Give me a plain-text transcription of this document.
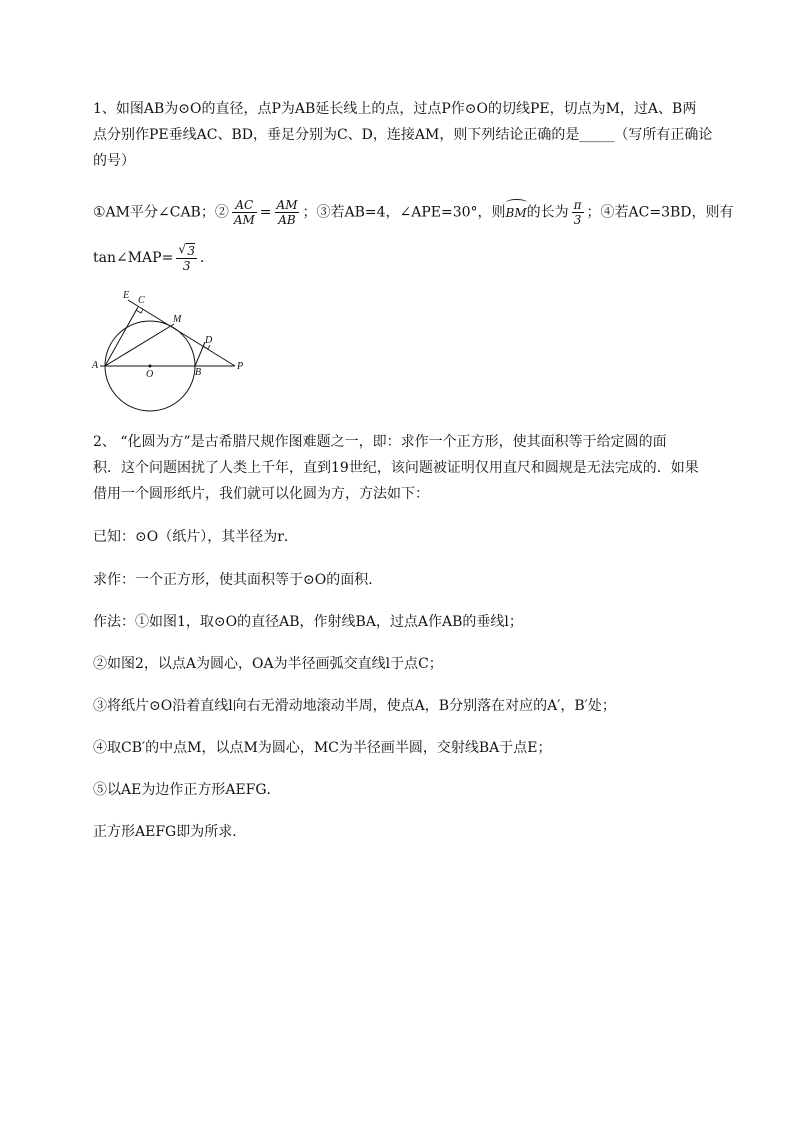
1、如图AB为⊙O的直径，点P为AB延长线上的点，过点P作⊙O的切线PE，切点为M，过A、B两
点分别作PE垂线AC、BD，垂足分别为C、D，连接AM，则下列结论正确的是_____（写所有正确论
的号）
①AM平分∠CAB；② $\frac{AC}{AM} = \frac{AM}{AB}$ ；③若AB=4，∠APE=30°，则BM的长为 $\frac{\pi}{3}$ ；④若AC=3BD，则有
tan∠MAP=
√ $\frac{3}{3}$ ．
E C
M
D
A
O	B
P
2、 “化圆为方”是古希腊尺规作图难题之一，即：求作一个正方形，使其面积等于给定圆的面
积．这个问题困扰了人类上千年，直到19世纪，该问题被证明仅用直尺和圆规是无法完成的．如果
借用一个圆形纸片，我们就可以化圆为方，方法如下：
已知：⊙O（纸片），其半径为r．
求作：一个正方形，使其面积等于⊙O的面积．
作法：①如图1，取⊙O的直径AB，作射线BA，过点A作AB的垂线l；
②如图2，以点A为圆心，OA为半径画弧交直线l于点C；
③将纸片⊙O沿着直线l向右无滑动地滚动半周，使点A，B分别落在对应的A′，B′处；
④取CB′的中点M，以点M为圆心，MC为半径画半圆，交射线BA于点E；
⑤以AE为边作正方形AEFG．
正方形AEFG即为所求．
